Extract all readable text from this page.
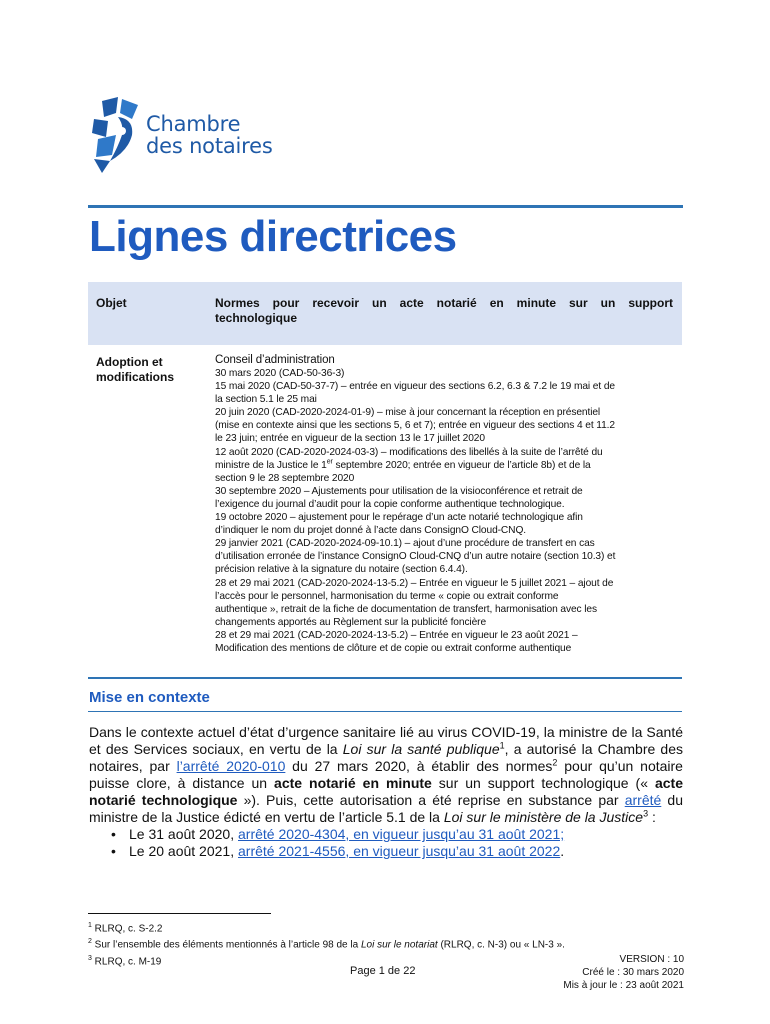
Chambre
des notaires
Lignes directrices
Objet	Normes pour recevoir un acte notarié en minute sur un support
technologique
Adoption et
modifications
Conseil d’administration
30 mars 2020 (CAD-50-36-3)
15 mai 2020 (CAD-50-37-7) – entrée en vigueur des sections 6.2, 6.3 & 7.2 le 19 mai et de
la section 5.1 le 25 mai
20 juin 2020 (CAD-2020-2024-01-9) – mise à jour concernant la réception en présentiel
(mise en contexte ainsi que les sections 5, 6 et 7); entrée en vigueur des sections 4 et 11.2
le 23 juin; entrée en vigueur de la section 13 le 17 juillet 2020
12 août 2020 (CAD-2020-2024-03-3) – modifications des libellés à la suite de l’arrêté du
ministre de la Justice le 1er septembre 2020; entrée en vigueur de l’article 8b) et de la
section 9 le 28 septembre 2020
30 septembre 2020 – Ajustements pour utilisation de la visioconférence et retrait de
l’exigence du journal d’audit pour la copie conforme authentique technologique.
19 octobre 2020 – ajustement pour le repérage d’un acte notarié technologique afin
d’indiquer le nom du projet donné à l’acte dans ConsignO Cloud-CNQ.
29 janvier 2021 (CAD-2020-2024-09-10.1) – ajout d’une procédure de transfert en cas
d’utilisation erronée de l’instance ConsignO Cloud-CNQ d’un autre notaire (section 10.3) et
précision relative à la signature du notaire (section 6.4.4).
28 et 29 mai 2021 (CAD-2020-2024-13-5.2) – Entrée en vigueur le 5 juillet 2021 – ajout de
l’accès pour le personnel, harmonisation du terme « copie ou extrait conforme
authentique », retrait de la fiche de documentation de transfert, harmonisation avec les
changements apportés au Règlement sur la publicité foncière
28 et 29 mai 2021 (CAD-2020-2024-13-5.2) – Entrée en vigueur le 23 août 2021 –
Modification des mentions de clôture et de copie ou extrait conforme authentique
Mise en contexte

Dans le contexte actuel d’état d’urgence sanitaire lié au virus COVID-19, la ministre de la Santé et des Services sociaux, en vertu de la Loi sur la santé publique$^1$, a autorisé la Chambre des notaires, par l’arrêté 2020-010 du 27 mars 2020, à établir des normes$^2$ pour qu’un notaire puisse clore, à distance un acte notarié en minute sur un support technologique (« acte notarié technologique »). Puis, cette autorisation a été reprise en substance par arrêté du ministre de la Justice édicté en vertu de l’article 5.1 de la Loi sur le ministère de la Justice$^3$ :

• Le 31 août 2020, arrêté 2020-4304, en vigueur jusqu’au 31 août 2021;
• Le 20 août 2021, arrêté 2021-4556, en vigueur jusqu’au 31 août 2022.
$^1$ RLRQ, c. S-2.2
$^2$ Sur l’ensemble des éléments mentionnés à l’article 98 de la Loi sur le notariat (RLRQ, c. N-3) ou « LN-3 ».
$^3$ RLRQ, c. M-19
Page 1 de 22
VERSION : 10
Créé le : 30 mars 2020
Mis à jour le : 23 août 2021
